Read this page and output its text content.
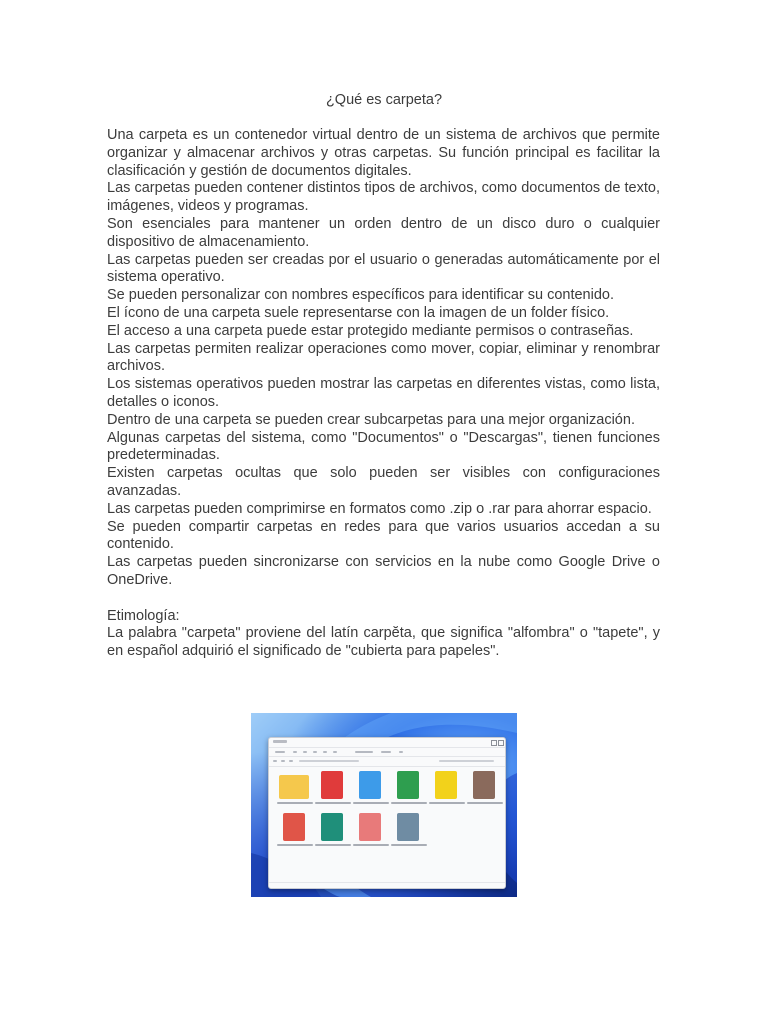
¿Qué es carpeta?

Una carpeta es un contenedor virtual dentro de un sistema de archivos que permite organizar y almacenar archivos y otras carpetas. Su función principal es facilitar la clasificación y gestión de documentos digitales.

Las carpetas pueden contener distintos tipos de archivos, como documentos de texto, imágenes, videos y programas.

Son esenciales para mantener un orden dentro de un disco duro o cualquier dispositivo de almacenamiento.

Las carpetas pueden ser creadas por el usuario o generadas automáticamente por el sistema operativo.

Se pueden personalizar con nombres específicos para identificar su contenido.

El ícono de una carpeta suele representarse con la imagen de un folder físico.

El acceso a una carpeta puede estar protegido mediante permisos o contraseñas.

Las carpetas permiten realizar operaciones como mover, copiar, eliminar y renombrar archivos.

Los sistemas operativos pueden mostrar las carpetas en diferentes vistas, como lista, detalles o iconos.

Dentro de una carpeta se pueden crear subcarpetas para una mejor organización.

Algunas carpetas del sistema, como "Documentos" o "Descargas", tienen funciones predeterminadas.

Existen carpetas ocultas que solo pueden ser visibles con configuraciones avanzadas.

Las carpetas pueden comprimirse en formatos como .zip o .rar para ahorrar espacio.

Se pueden compartir carpetas en redes para que varios usuarios accedan a su contenido.

Las carpetas pueden sincronizarse con servicios en la nube como Google Drive o OneDrive.

Etimología:

La palabra "carpeta" proviene del latín carpĕta, que significa "alfombra" o "tapete", y en español adquirió el significado de "cubierta para papeles".
